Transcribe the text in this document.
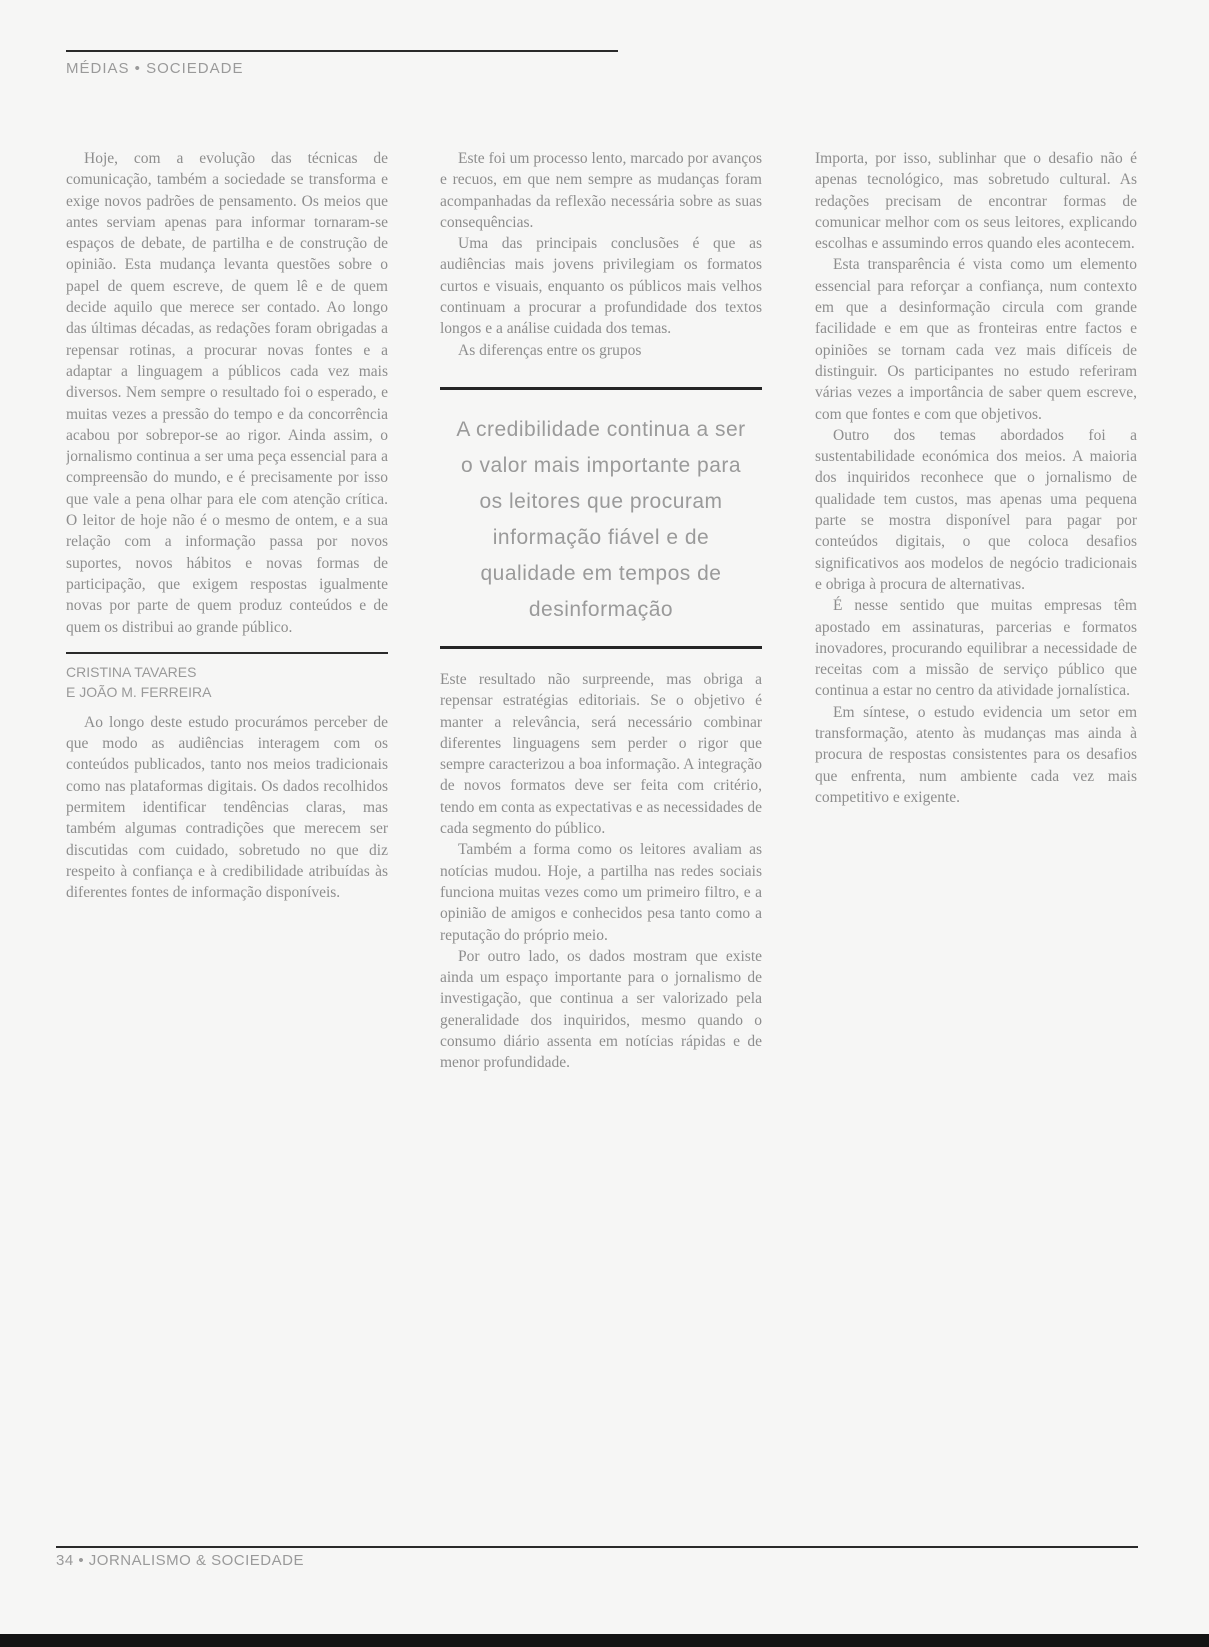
MÉDIAS • SOCIEDADE

Hoje, com a evolução das técnicas de comunicação, também a sociedade se transforma e exige novos padrões de pensamento. Os meios que antes serviam apenas para informar tornaram-se espaços de debate, de partilha e de construção de opinião. Esta mudança levanta questões sobre o papel de quem escreve, de quem lê e de quem decide aquilo que merece ser contado. Ao longo das últimas décadas, as redações foram obrigadas a repensar rotinas, a procurar novas fontes e a adaptar a linguagem a públicos cada vez mais diversos. Nem sempre o resultado foi o esperado, e muitas vezes a pressão do tempo e da concorrência acabou por sobrepor-se ao rigor. Ainda assim, o jornalismo continua a ser uma peça essencial para a compreensão do mundo, e é precisamente por isso que vale a pena olhar para ele com atenção crítica. O leitor de hoje não é o mesmo de ontem, e a sua relação com a informação passa por novos suportes, novos hábitos e novas formas de participação, que exigem respostas igualmente novas por parte de quem produz conteúdos e de quem os distribui ao grande público.

CRISTINA TAVARES
E JOÃO M. FERREIRA

Ao longo deste estudo procurámos perceber de que modo as audiências interagem com os conteúdos publicados, tanto nos meios tradicionais como nas plataformas digitais. Os dados recolhidos permitem identificar tendências claras, mas também algumas contradições que merecem ser discutidas com cuidado, sobretudo no que diz respeito à confiança e à credibilidade atribuídas às diferentes fontes de informação disponíveis.

Este foi um processo lento, marcado por avanços e recuos, em que nem sempre as mudanças foram acompanhadas da reflexão necessária sobre as suas consequências.

Uma das principais conclusões é que as audiências mais jovens privilegiam os formatos curtos e visuais, enquanto os públicos mais velhos continuam a procurar a profundidade dos textos longos e a análise cuidada dos temas.

As diferenças entre os grupos

A credibilidade continua a ser o valor mais importante para os leitores que procuram informação fiável e de qualidade em tempos de desinformação

Este resultado não surpreende, mas obriga a repensar estratégias editoriais. Se o objetivo é manter a relevância, será necessário combinar diferentes linguagens sem perder o rigor que sempre caracterizou a boa informação. A integração de novos formatos deve ser feita com critério, tendo em conta as expectativas e as necessidades de cada segmento do público.

Também a forma como os leitores avaliam as notícias mudou. Hoje, a partilha nas redes sociais funciona muitas vezes como um primeiro filtro, e a opinião de amigos e conhecidos pesa tanto como a reputação do próprio meio.

Por outro lado, os dados mostram que existe ainda um espaço importante para o jornalismo de investigação, que continua a ser valorizado pela generalidade dos inquiridos, mesmo quando o consumo diário assenta em notícias rápidas e de menor profundidade.

Importa, por isso, sublinhar que o desafio não é apenas tecnológico, mas sobretudo cultural. As redações precisam de encontrar formas de comunicar melhor com os seus leitores, explicando escolhas e assumindo erros quando eles acontecem.

Esta transparência é vista como um elemento essencial para reforçar a confiança, num contexto em que a desinformação circula com grande facilidade e em que as fronteiras entre factos e opiniões se tornam cada vez mais difíceis de distinguir. Os participantes no estudo referiram várias vezes a importância de saber quem escreve, com que fontes e com que objetivos.

Outro dos temas abordados foi a sustentabilidade económica dos meios. A maioria dos inquiridos reconhece que o jornalismo de qualidade tem custos, mas apenas uma pequena parte se mostra disponível para pagar por conteúdos digitais, o que coloca desafios significativos aos modelos de negócio tradicionais e obriga à procura de alternativas.

É nesse sentido que muitas empresas têm apostado em assinaturas, parcerias e formatos inovadores, procurando equilibrar a necessidade de receitas com a missão de serviço público que continua a estar no centro da atividade jornalística.

Em síntese, o estudo evidencia um setor em transformação, atento às mudanças mas ainda à procura de respostas consistentes para os desafios que enfrenta, num ambiente cada vez mais competitivo e exigente.

34 • JORNALISMO & SOCIEDADE
